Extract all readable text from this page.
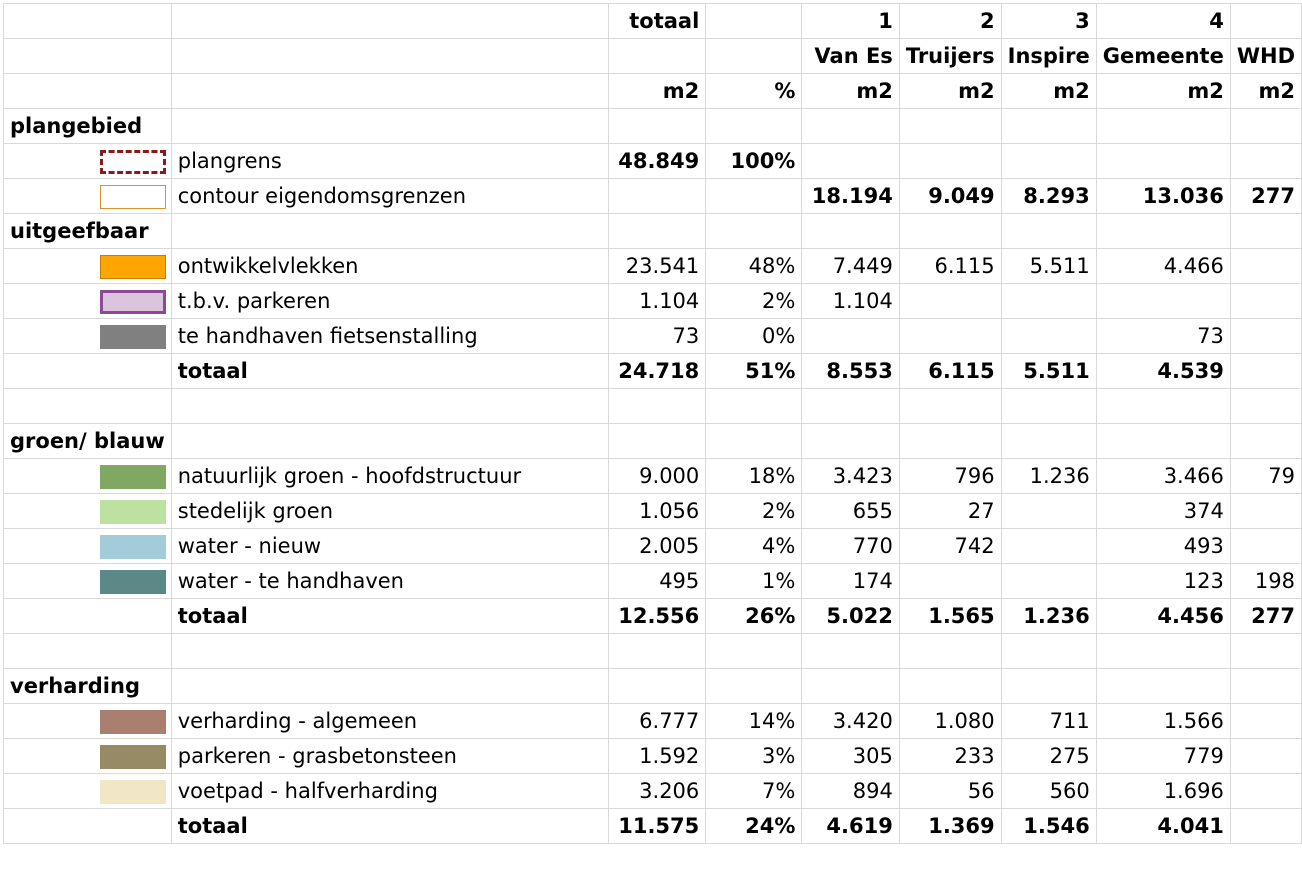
		totaal		1	2	3	4	
				Van Es	Truijers	Inspire	Gemeente	WHD
		m2	%	m2	m2	m2	m2	m2
plangebied								

	plangrens	48.849	100%					

	contour eigendomsgrenzen			18.194	9.049	8.293	13.036	277
uitgeefbaar								

	ontwikkelvlekken	23.541	48%	7.449	6.115	5.511	4.466	

	t.b.v. parkeren	1.104	2%	1.104				

	te handhaven fietsenstalling	73	0%				73	
	totaal	24.718	51%	8.553	6.115	5.511	4.539	

groen/ blauw								

	natuurlijk groen - hoofdstructuur	9.000	18%	3.423	796	1.236	3.466	79

	stedelijk groen	1.056	2%	655	27		374	

	water - nieuw	2.005	4%	770	742		493	

	water - te handhaven	495	1%	174			123	198
	totaal	12.556	26%	5.022	1.565	1.236	4.456	277

verharding								

	verharding - algemeen	6.777	14%	3.420	1.080	711	1.566	

	parkeren - grasbetonsteen	1.592	3%	305	233	275	779	

	voetpad - halfverharding	3.206	7%	894	56	560	1.696	
	totaal	11.575	24%	4.619	1.369	1.546	4.041	
